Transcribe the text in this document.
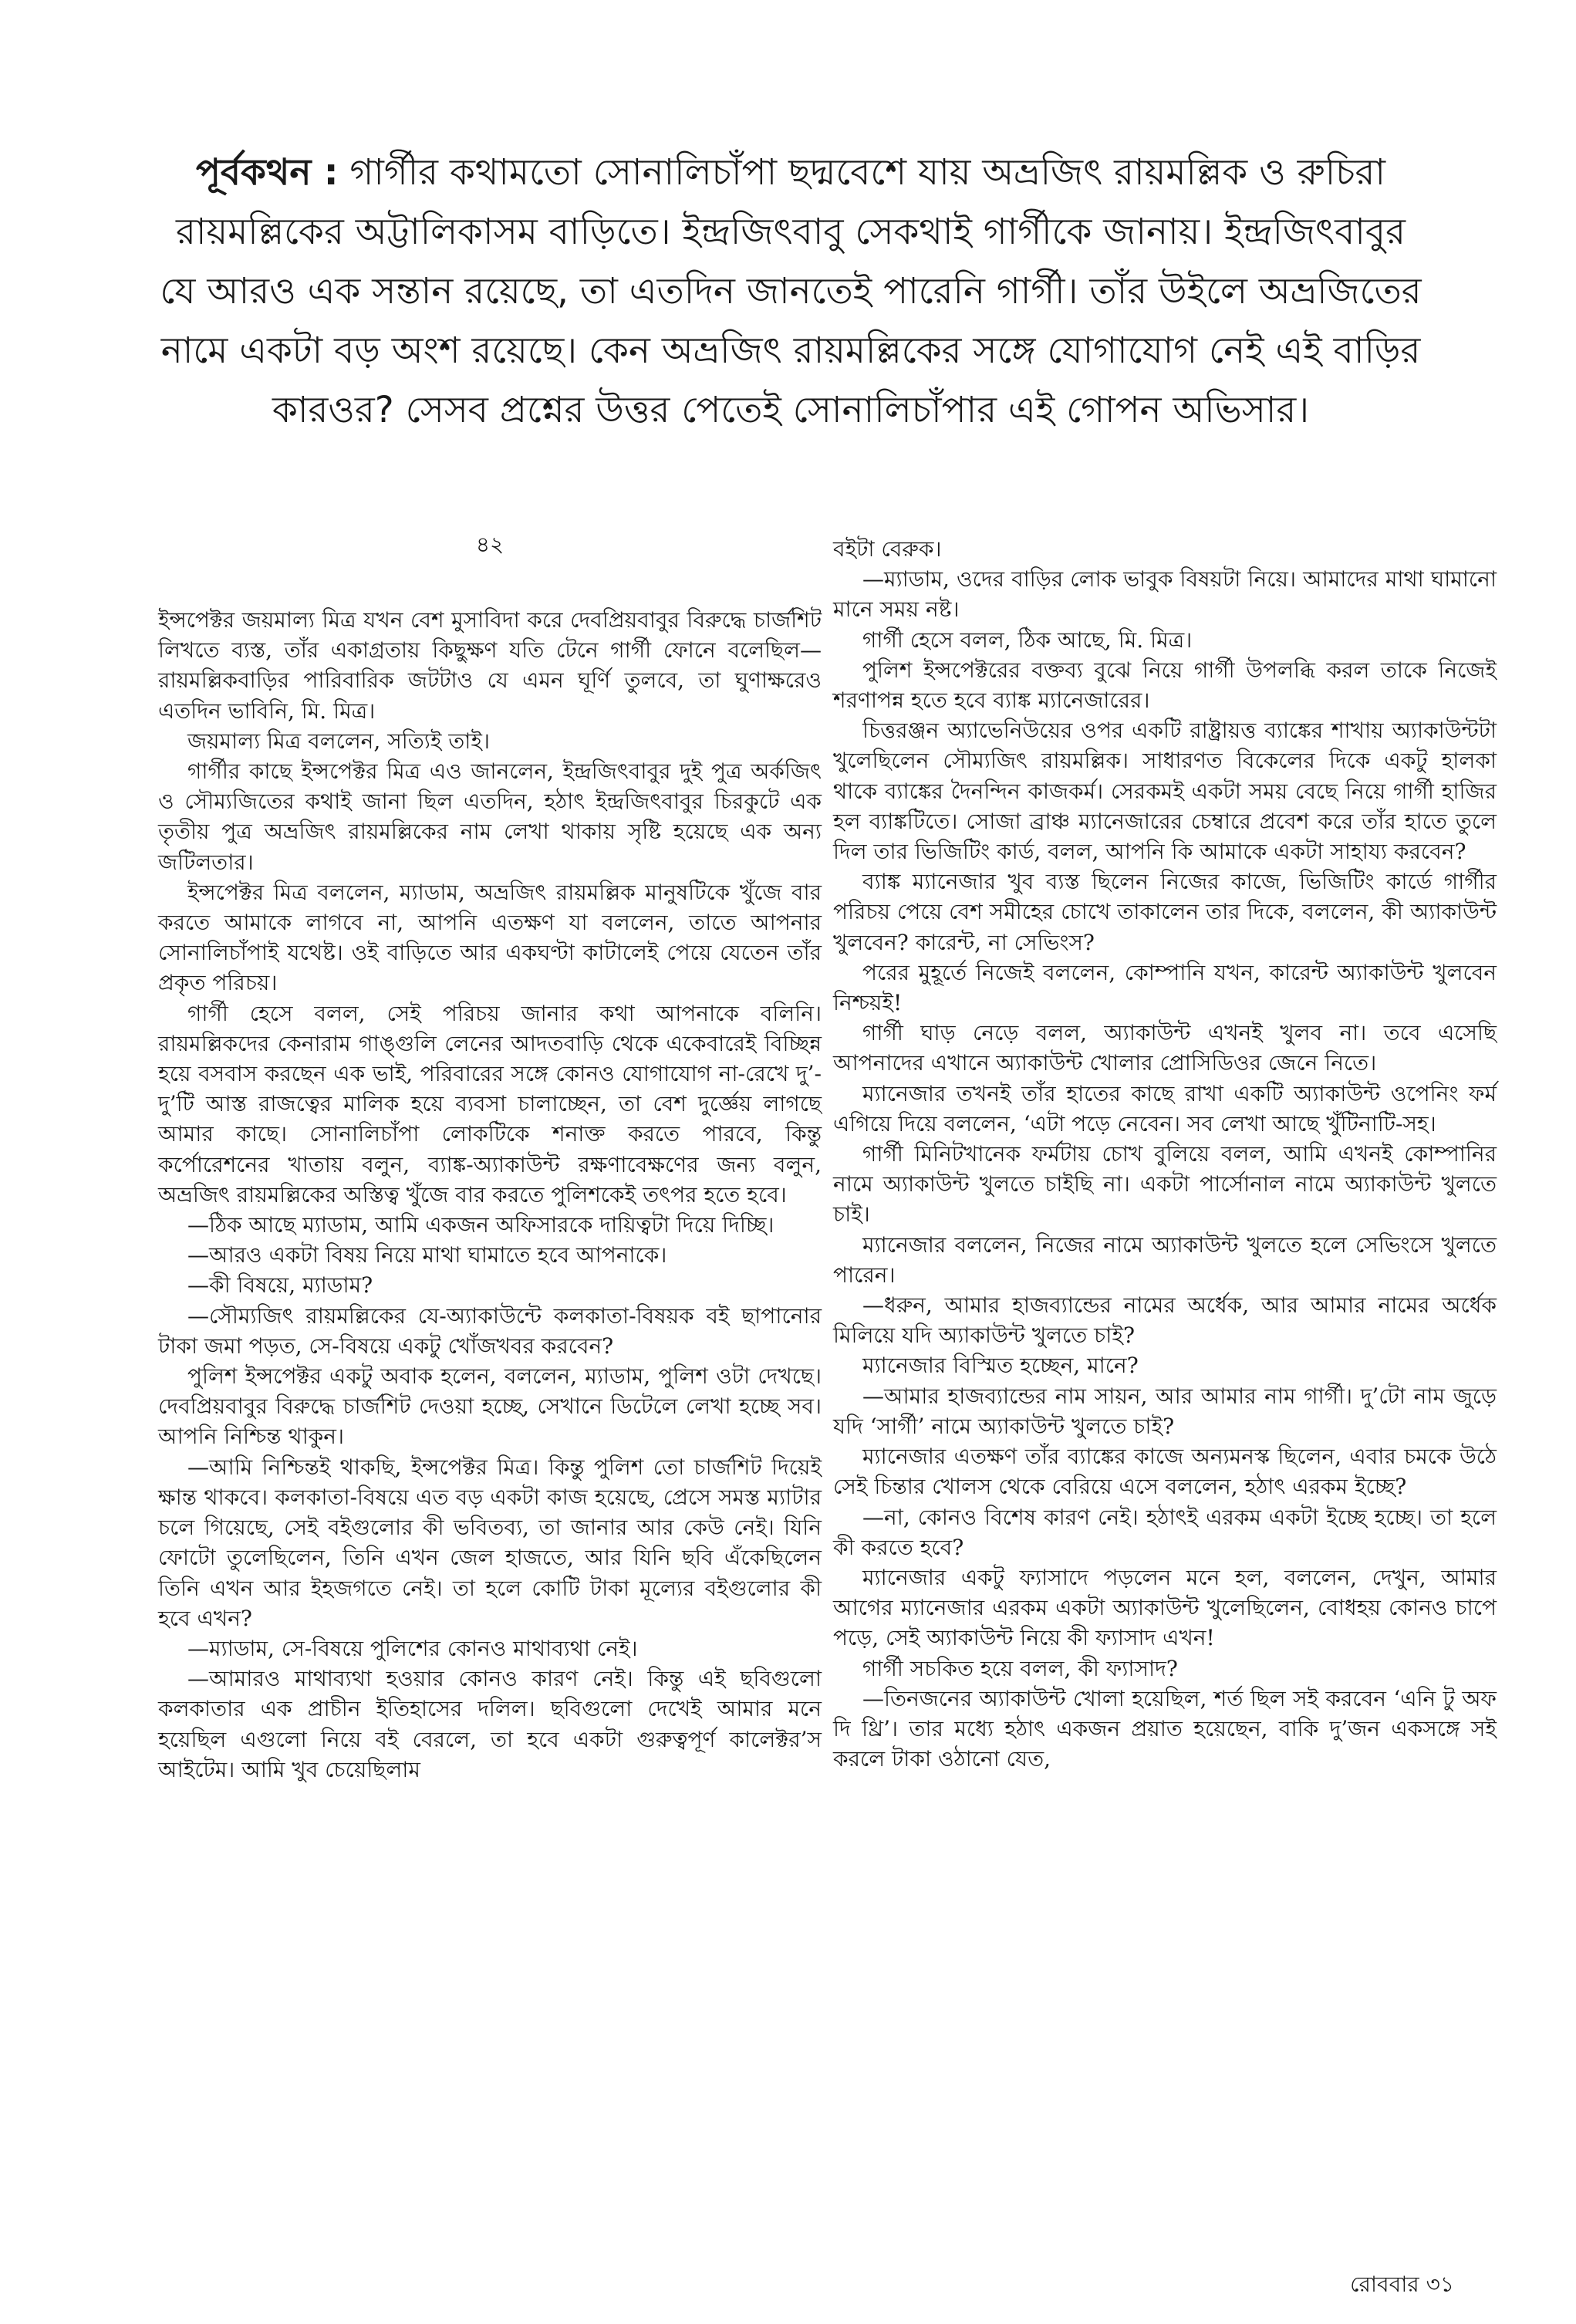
পূর্বকথন : গার্গীর কথামতো সোনালিচাঁপা ছদ্মবেশে যায় অভ্রজিৎ রায়মল্লিক ও রুচিরা রায়মল্লিকের অট্টালিকাসম বাড়িতে। ইন্দ্রজিৎবাবু সেকথাই গার্গীকে জানায়। ইন্দ্রজিৎবাবুর যে আরও এক সন্তান রয়েছে, তা এতদিন জানতেই পারেনি গার্গী। তাঁর উইলে অভ্রজিতের নামে একটা বড় অংশ রয়েছে। কেন অভ্রজিৎ রায়মল্লিকের সঙ্গে যোগাযোগ নেই এই বাড়ির কারওর? সেসব প্রশ্নের উত্তর পেতেই সোনালিচাঁপার এই গোপন অভিসার।

৪২

ইন্সপেক্টর জয়মাল্য মিত্র যখন বেশ মুসাবিদা করে দেবপ্রিয়বাবুর বিরুদ্ধে চার্জশিট লিখতে ব্যস্ত, তাঁর একাগ্রতায় কিছুক্ষণ যতি টেনে গার্গী ফোনে বলেছিল—রায়মল্লিকবাড়ির পারিবারিক জটটাও যে এমন ঘূর্ণি তুলবে, তা ঘুণাক্ষরেও এতদিন ভাবিনি, মি. মিত্র।

জয়মাল্য মিত্র বললেন, সত্যিই তাই।

গার্গীর কাছে ইন্সপেক্টর মিত্র এও জানলেন, ইন্দ্রজিৎবাবুর দুই পুত্র অর্কজিৎ ও সৌম্যজিতের কথাই জানা ছিল এতদিন, হঠাৎ ইন্দ্রজিৎবাবুর চিরকুটে এক তৃতীয় পুত্র অভ্রজিৎ রায়মল্লিকের নাম লেখা থাকায় সৃষ্টি হয়েছে এক অন্য জটিলতার।

ইন্সপেক্টর মিত্র বললেন, ম্যাডাম, অভ্রজিৎ রায়মল্লিক মানুষটিকে খুঁজে বার করতে আমাকে লাগবে না, আপনি এতক্ষণ যা বললেন, তাতে আপনার সোনালিচাঁপাই যথেষ্ট। ওই বাড়িতে আর একঘণ্টা কাটালেই পেয়ে যেতেন তাঁর প্রকৃত পরিচয়।

গার্গী হেসে বলল, সেই পরিচয় জানার কথা আপনাকে বলিনি। রায়মল্লিকদের কেনারাম গাঙ্গুলি লেনের আদতবাড়ি থেকে একেবারেই বিচ্ছিন্ন হয়ে বসবাস করছেন এক ভাই, পরিবারের সঙ্গে কোনও যোগাযোগ না-রেখে দু’-দু’টি আস্ত রাজত্বের মালিক হয়ে ব্যবসা চালাচ্ছেন, তা বেশ দুর্জ্ঞেয় লাগছে আমার কাছে। সোনালিচাঁপা লোকটিকে শনাক্ত করতে পারবে, কিন্তু কর্পোরেশনের খাতায় বলুন, ব্যাঙ্ক-অ্যাকাউন্ট রক্ষণাবেক্ষণের জন্য বলুন, অভ্রজিৎ রায়মল্লিকের অস্তিত্ব খুঁজে বার করতে পুলিশকেই তৎপর হতে হবে।

—ঠিক আছে ম্যাডাম, আমি একজন অফিসারকে দায়িত্বটা দিয়ে দিচ্ছি।

—আরও একটা বিষয় নিয়ে মাথা ঘামাতে হবে আপনাকে।

—কী বিষয়ে, ম্যাডাম?

—সৌম্যজিৎ রায়মল্লিকের যে-অ্যাকাউন্টে কলকাতা-বিষয়ক বই ছাপানোর টাকা জমা পড়ত, সে-বিষয়ে একটু খোঁজখবর করবেন?

পুলিশ ইন্সপেক্টর একটু অবাক হলেন, বললেন, ম্যাডাম, পুলিশ ওটা দেখছে। দেবপ্রিয়বাবুর বিরুদ্ধে চার্জশিট দেওয়া হচ্ছে, সেখানে ডিটেলে লেখা হচ্ছে সব। আপনি নিশ্চিন্ত থাকুন।

—আমি নিশ্চিন্তই থাকছি, ইন্সপেক্টর মিত্র। কিন্তু পুলিশ তো চার্জশিট দিয়েই ক্ষান্ত থাকবে। কলকাতা-বিষয়ে এত বড় একটা কাজ হয়েছে, প্রেসে সমস্ত ম্যাটার চলে গিয়েছে, সেই বইগুলোর কী ভবিতব্য, তা জানার আর কেউ নেই। যিনি ফোটো তুলেছিলেন, তিনি এখন জেল হাজতে, আর যিনি ছবি এঁকেছিলেন তিনি এখন আর ইহজগতে নেই। তা হলে কোটি টাকা মূল্যের বইগুলোর কী হবে এখন?

—ম্যাডাম, সে-বিষয়ে পুলিশের কোনও মাথাব্যথা নেই।

—আমারও মাথাব্যথা হওয়ার কোনও কারণ নেই। কিন্তু এই ছবিগুলো কলকাতার এক প্রাচীন ইতিহাসের দলিল। ছবিগুলো দেখেই আমার মনে হয়েছিল এগুলো নিয়ে বই বেরলে, তা হবে একটা গুরুত্বপূর্ণ কালেক্টর’স আইটেম। আমি খুব চেয়েছিলাম

বইটা বেরুক।

—ম্যাডাম, ওদের বাড়ির লোক ভাবুক বিষয়টা নিয়ে। আমাদের মাথা ঘামানো মানে সময় নষ্ট।

গার্গী হেসে বলল, ঠিক আছে, মি. মিত্র।

পুলিশ ইন্সপেক্টরের বক্তব্য বুঝে নিয়ে গার্গী উপলব্ধি করল তাকে নিজেই শরণাপন্ন হতে হবে ব্যাঙ্ক ম্যানেজারের।

চিত্তরঞ্জন অ্যাভেনিউয়ের ওপর একটি রাষ্ট্রায়ত্ত ব্যাঙ্কের শাখায় অ্যাকাউন্টটা খুলেছিলেন সৌম্যজিৎ রায়মল্লিক। সাধারণত বিকেলের দিকে একটু হালকা থাকে ব্যাঙ্কের দৈনন্দিন কাজকর্ম। সেরকমই একটা সময় বেছে নিয়ে গার্গী হাজির হল ব্যাঙ্কটিতে। সোজা ব্রাঞ্চ ম্যানেজারের চেম্বারে প্রবেশ করে তাঁর হাতে তুলে দিল তার ভিজিটিং কার্ড, বলল, আপনি কি আমাকে একটা সাহায্য করবেন?

ব্যাঙ্ক ম্যানেজার খুব ব্যস্ত ছিলেন নিজের কাজে, ভিজিটিং কার্ডে গার্গীর পরিচয় পেয়ে বেশ সমীহের চোখে তাকালেন তার দিকে, বললেন, কী অ্যাকাউন্ট খুলবেন? কারেন্ট, না সেভিংস?

পরের মুহূর্তে নিজেই বললেন, কোম্পানি যখন, কারেন্ট অ্যাকাউন্ট খুলবেন নিশ্চয়ই!

গার্গী ঘাড় নেড়ে বলল, অ্যাকাউন্ট এখনই খুলব না। তবে এসেছি আপনাদের এখানে অ্যাকাউন্ট খোলার প্রোসিডিওর জেনে নিতে।

ম্যানেজার তখনই তাঁর হাতের কাছে রাখা একটি অ্যাকাউন্ট ওপেনিং ফর্ম এগিয়ে দিয়ে বললেন, ‘এটা পড়ে নেবেন। সব লেখা আছে খুঁটিনাটি-সহ।

গার্গী মিনিটখানেক ফর্মটায় চোখ বুলিয়ে বলল, আমি এখনই কোম্পানির নামে অ্যাকাউন্ট খুলতে চাইছি না। একটা পার্সোনাল নামে অ্যাকাউন্ট খুলতে চাই।

ম্যানেজার বললেন, নিজের নামে অ্যাকাউন্ট খুলতে হলে সেভিংসে খুলতে পারেন।

—ধরুন, আমার হাজব্যান্ডের নামের অর্ধেক, আর আমার নামের অর্ধেক মিলিয়ে যদি অ্যাকাউন্ট খুলতে চাই?

ম্যানেজার বিস্মিত হচ্ছেন, মানে?

—আমার হাজব্যান্ডের নাম সায়ন, আর আমার নাম গার্গী। দু’টো নাম জুড়ে যদি ‘সার্গী’ নামে অ্যাকাউন্ট খুলতে চাই?

ম্যানেজার এতক্ষণ তাঁর ব্যাঙ্কের কাজে অন্যমনস্ক ছিলেন, এবার চমকে উঠে সেই চিন্তার খোলস থেকে বেরিয়ে এসে বললেন, হঠাৎ এরকম ইচ্ছে?

—না, কোনও বিশেষ কারণ নেই। হঠাৎই এরকম একটা ইচ্ছে হচ্ছে। তা হলে কী করতে হবে?

ম্যানেজার একটু ফ্যাসাদে পড়লেন মনে হল, বললেন, দেখুন, আমার আগের ম্যানেজার এরকম একটা অ্যাকাউন্ট খুলেছিলেন, বোধহয় কোনও চাপে পড়ে, সেই অ্যাকাউন্ট নিয়ে কী ফ্যাসাদ এখন!

গার্গী সচকিত হয়ে বলল, কী ফ্যাসাদ?

—তিনজনের অ্যাকাউন্ট খোলা হয়েছিল, শর্ত ছিল সই করবেন ‘এনি টু অফ দি থ্রি’। তার মধ্যে হঠাৎ একজন প্রয়াত হয়েছেন, বাকি দু’জন একসঙ্গে সই করলে টাকা ওঠানো যেত,

রোববার ৩১
